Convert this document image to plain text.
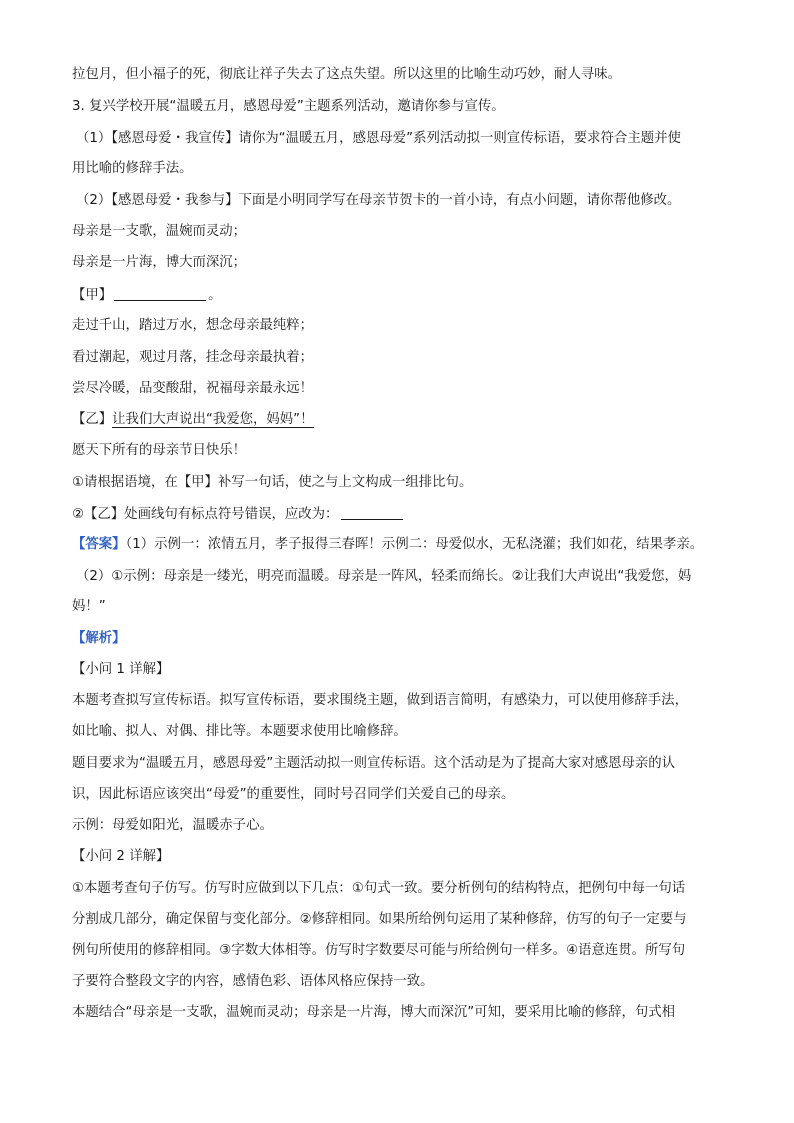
拉包月，但小福子的死，彻底让祥子失去了这点失望。所以这里的比喻生动巧妙，耐人寻味。
3. 复兴学校开展“温暖五月，感恩母爱”主题系列活动，邀请你参与宣传。
（1）【感恩母爱・我宣传】请你为“温暖五月，感恩母爱”系列活动拟一则宣传标语，要求符合主题并使
用比喻的修辞手法。
（2）【感恩母爱・我参与】下面是小明同学写在母亲节贺卡的一首小诗，有点小问题，请你帮他修改。
母亲是一支歌，温婉而灵动；
母亲是一片海，博大而深沉；
【甲】	。
走过千山，踏过万水，想念母亲最纯粹；
看过潮起，观过月落，挂念母亲最执着；
尝尽冷暖，品变酸甜，祝福母亲最永远！
【乙】让我们大声说出“我爱您，妈妈”！
愿天下所有的母亲节日快乐！
①请根据语境，在【甲】补写一句话，使之与上文构成一组排比句。
②【乙】处画线句有标点符号错误，应改为：
【答案】（1）示例一：浓情五月，孝子报得三春晖！示例二：母爱似水，无私浇灌；我们如花，结果孝亲。
（2）①示例：母亲是一缕光，明亮而温暖。母亲是一阵风，轻柔而绵长。②让我们大声说出“我爱您，妈
妈！”
【解析】
【小问 1 详解】
本题考查拟写宣传标语。拟写宣传标语，要求围绕主题，做到语言简明，有感染力，可以使用修辞手法，
如比喻、拟人、对偶、排比等。本题要求使用比喻修辞。
题目要求为“温暖五月，感恩母爱”主题活动拟一则宣传标语。这个活动是为了提高大家对感恩母亲的认
识，因此标语应该突出“母爱”的重要性，同时号召同学们关爱自己的母亲。
示例：母爱如阳光，温暖赤子心。
【小问 2 详解】
①本题考查句子仿写。仿写时应做到以下几点：①句式一致。要分析例句的结构特点，把例句中每一句话
分割成几部分，确定保留与变化部分。②修辞相同。如果所给例句运用了某种修辞，仿写的句子一定要与
例句所使用的修辞相同。③字数大体相等。仿写时字数要尽可能与所给例句一样多。④语意连贯。所写句
子要符合整段文字的内容，感情色彩、语体风格应保持一致。
本题结合“母亲是一支歌，温婉而灵动；母亲是一片海，博大而深沉”可知，要采用比喻的修辞，句式相
